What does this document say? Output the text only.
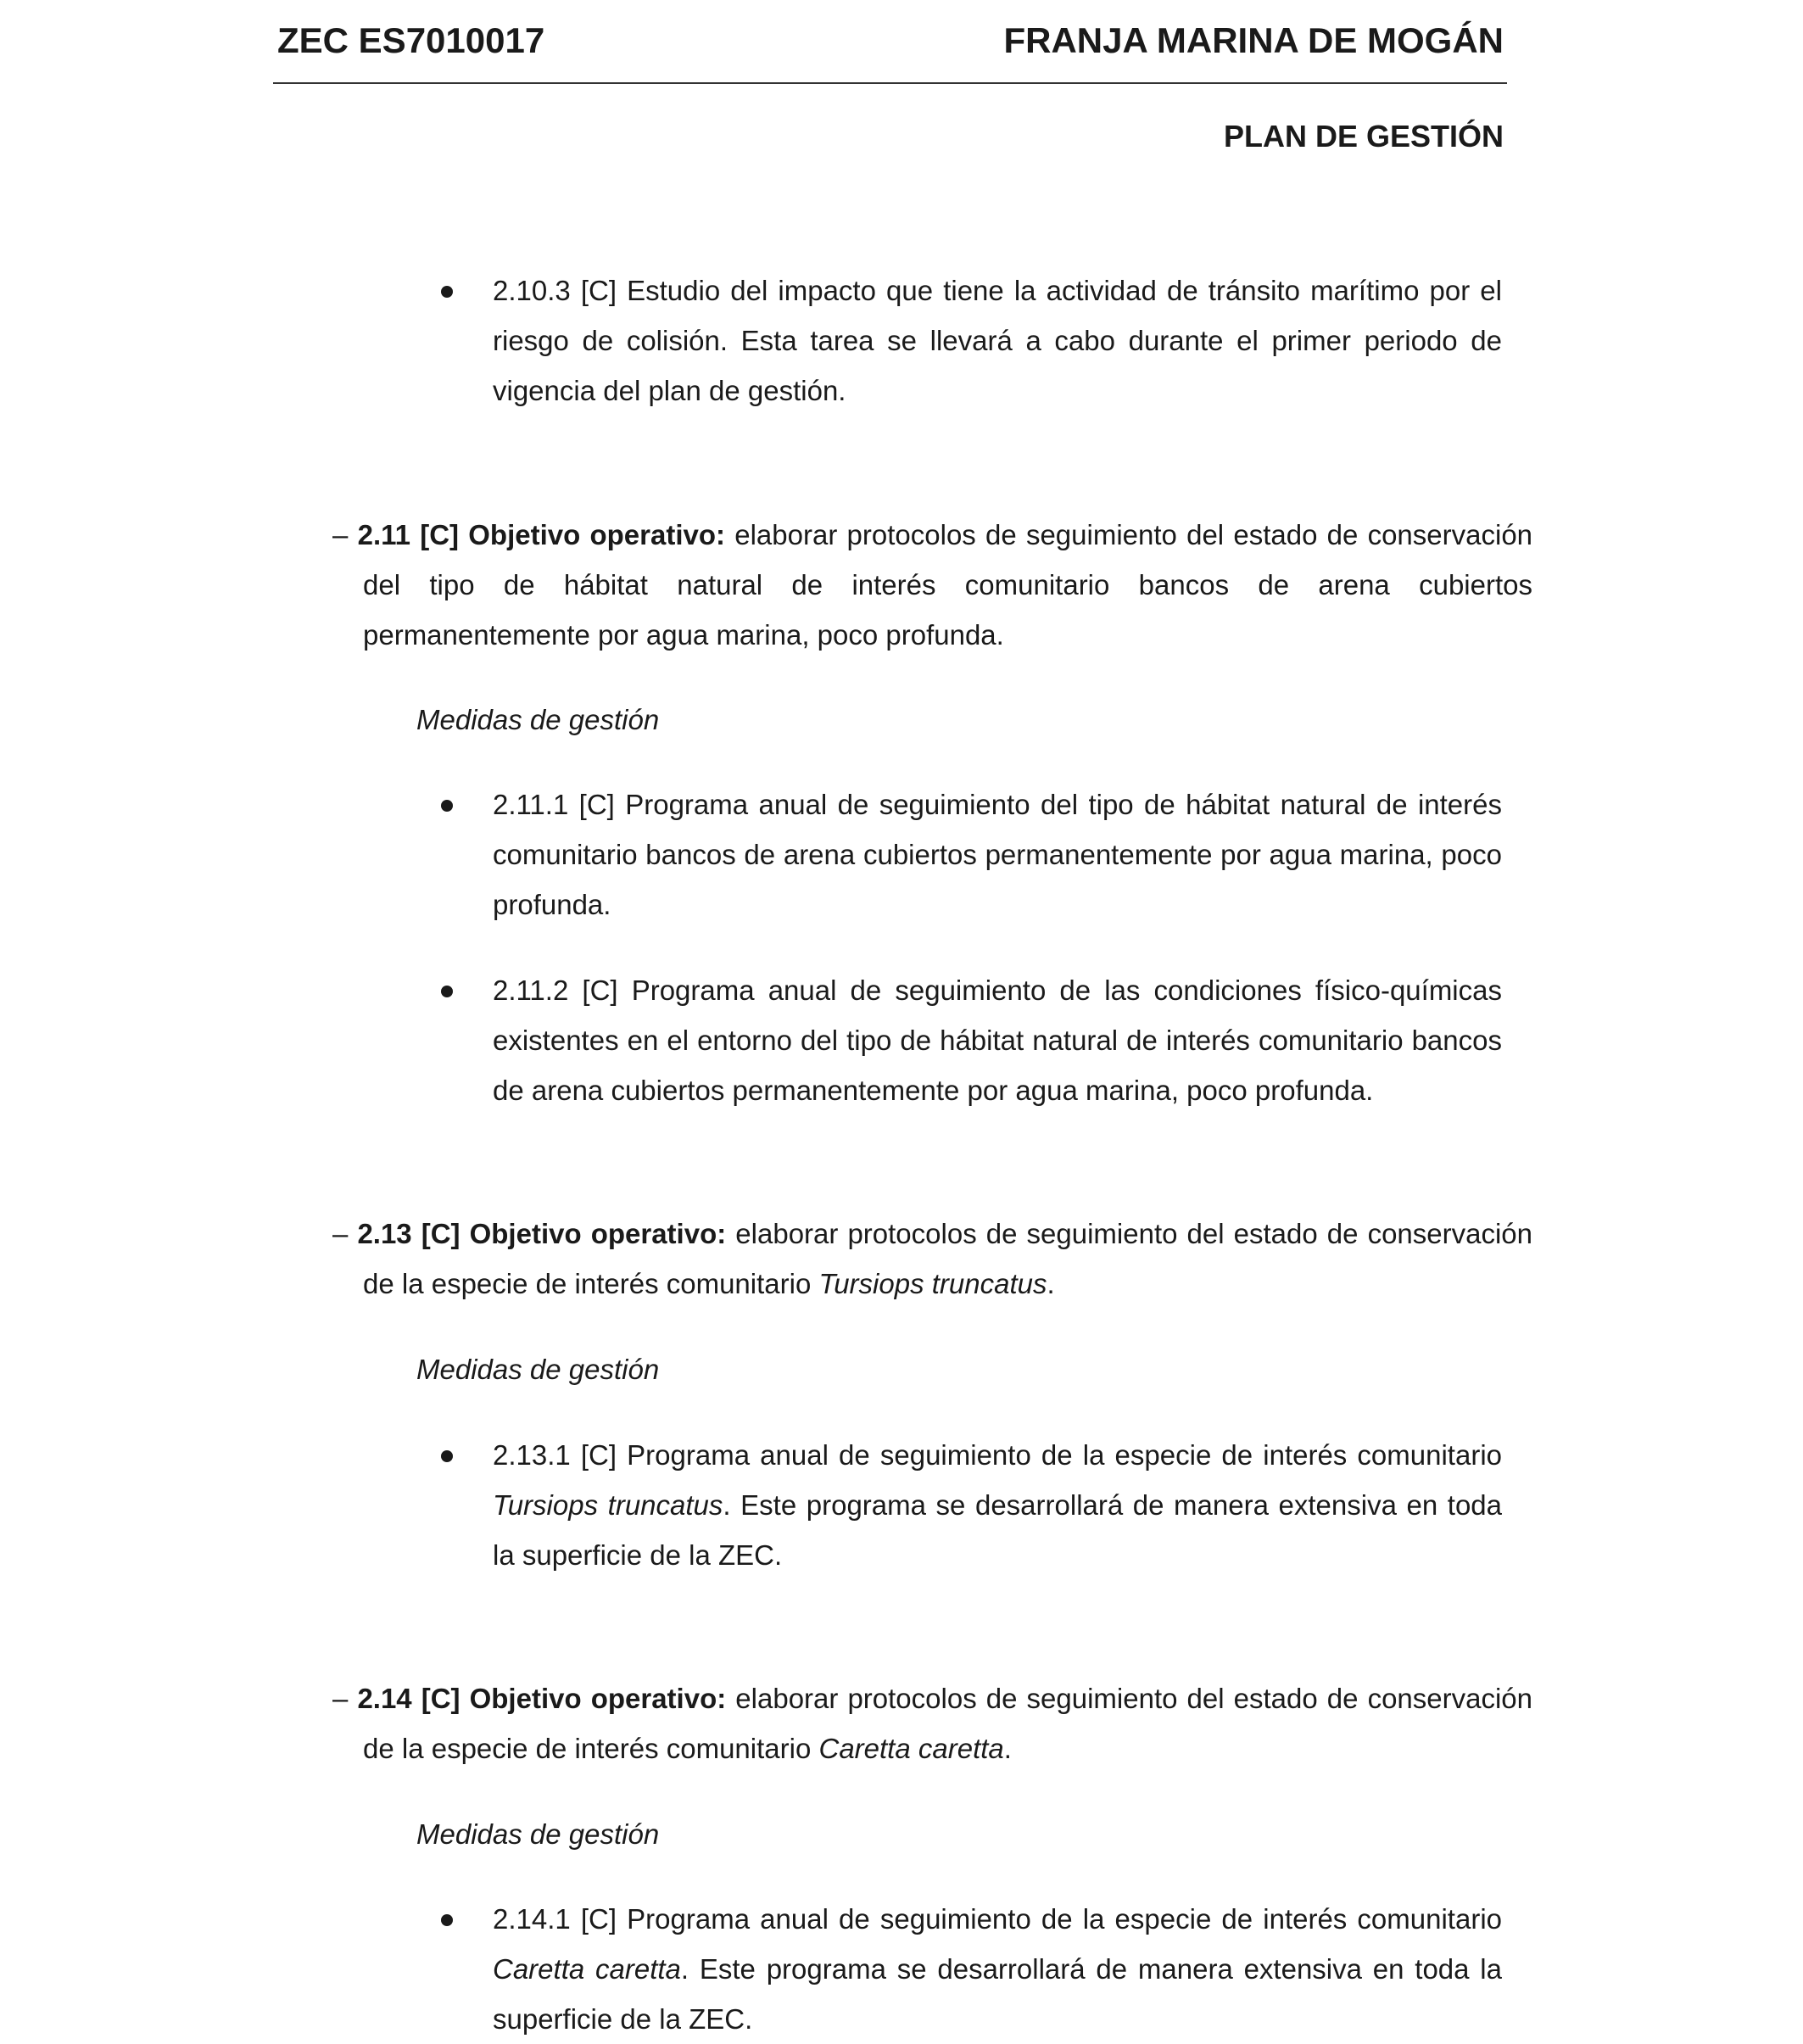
ZEC ES7010017	FRANJA MARINA DE MOGÁN
PLAN DE GESTIÓN
2.10.3 [C] Estudio del impacto que tiene la actividad de tránsito marítimo por el riesgo de colisión. Esta tarea se llevará a cabo durante el primer periodo de vigencia del plan de gestión.
– 2.11 [C] Objetivo operativo: elaborar protocolos de seguimiento del estado de conservación del tipo de hábitat natural de interés comunitario bancos de arena cubiertos permanentemente por agua marina, poco profunda.
Medidas de gestión
2.11.1 [C] Programa anual de seguimiento del tipo de hábitat natural de interés comunitario bancos de arena cubiertos permanentemente por agua marina, poco profunda.
2.11.2 [C] Programa anual de seguimiento de las condiciones físico-químicas existentes en el entorno del tipo de hábitat natural de interés comunitario bancos de arena cubiertos permanentemente por agua marina, poco profunda.
– 2.13 [C] Objetivo operativo: elaborar protocolos de seguimiento del estado de conservación de la especie de interés comunitario Tursiops truncatus.
Medidas de gestión
2.13.1 [C] Programa anual de seguimiento de la especie de interés comunitario Tursiops truncatus. Este programa se desarrollará de manera extensiva en toda la superficie de la ZEC.
– 2.14 [C] Objetivo operativo: elaborar protocolos de seguimiento del estado de conservación de la especie de interés comunitario Caretta caretta.
Medidas de gestión
2.14.1 [C] Programa anual de seguimiento de la especie de interés comunitario Caretta caretta. Este programa se desarrollará de manera extensiva en toda la superficie de la ZEC.
